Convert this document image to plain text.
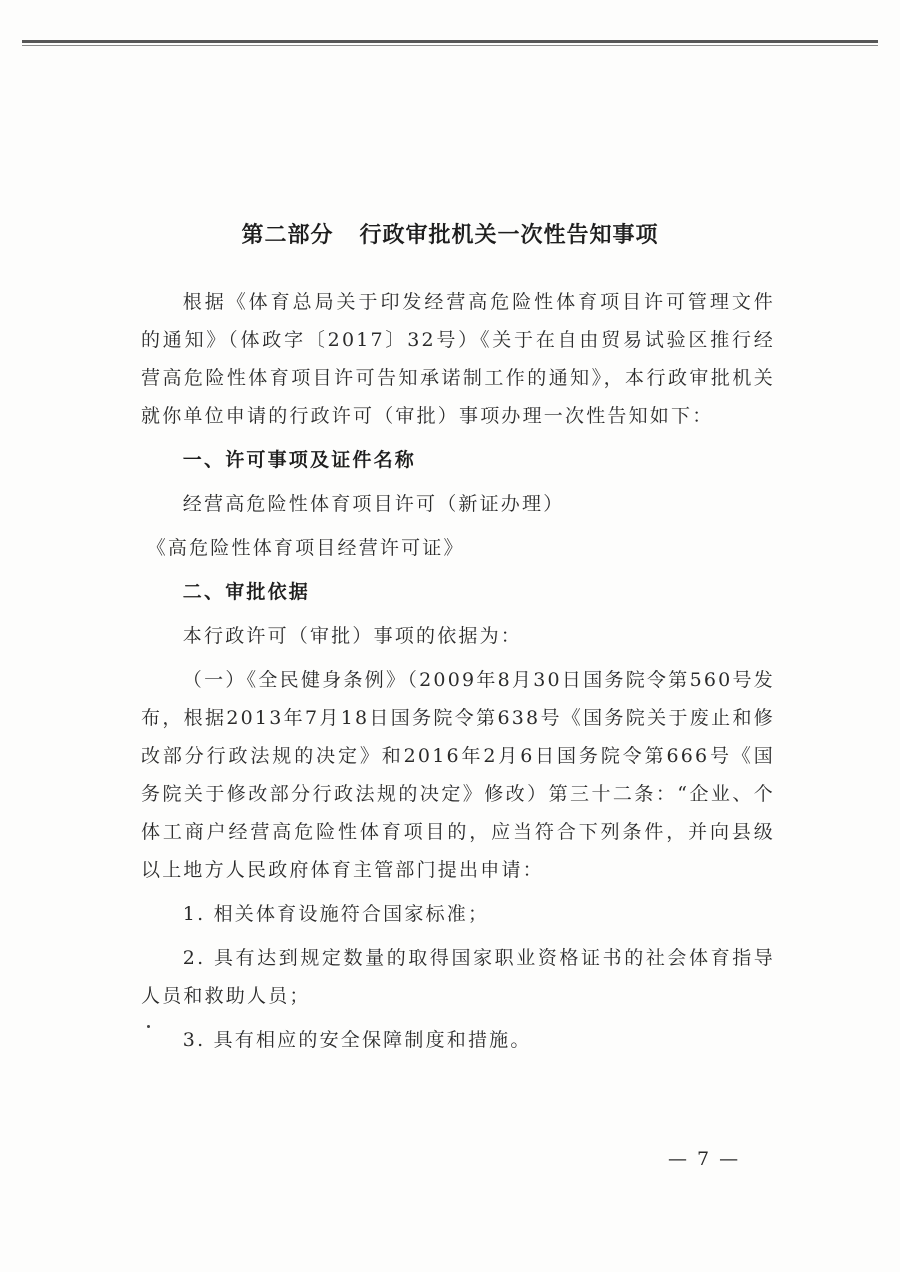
第二部分 行政审批机关一次性告知事项

根据《体育总局关于印发经营高危险性体育项目许可管理文件的通知》（体政字〔2017〕32号）《关于在自由贸易试验区推行经营高危险性体育项目许可告知承诺制工作的通知》，本行政审批机关就你单位申请的行政许可（审批）事项办理一次性告知如下：

一、许可事项及证件名称

经营高危险性体育项目许可（新证办理）

《高危险性体育项目经营许可证》

二、审批依据

本行政许可（审批）事项的依据为：

（一）《全民健身条例》（2009年8月30日国务院令第560号发布，根据2013年7月18日国务院令第638号《国务院关于废止和修改部分行政法规的决定》和2016年2月6日国务院令第666号《国务院关于修改部分行政法规的决定》修改）第三十二条：“企业、个体工商户经营高危险性体育项目的，应当符合下列条件，并向县级以上地方人民政府体育主管部门提出申请：

1. 相关体育设施符合国家标准；

2. 具有达到规定数量的取得国家职业资格证书的社会体育指导人员和救助人员；

3. 具有相应的安全保障制度和措施。

— 7 —
